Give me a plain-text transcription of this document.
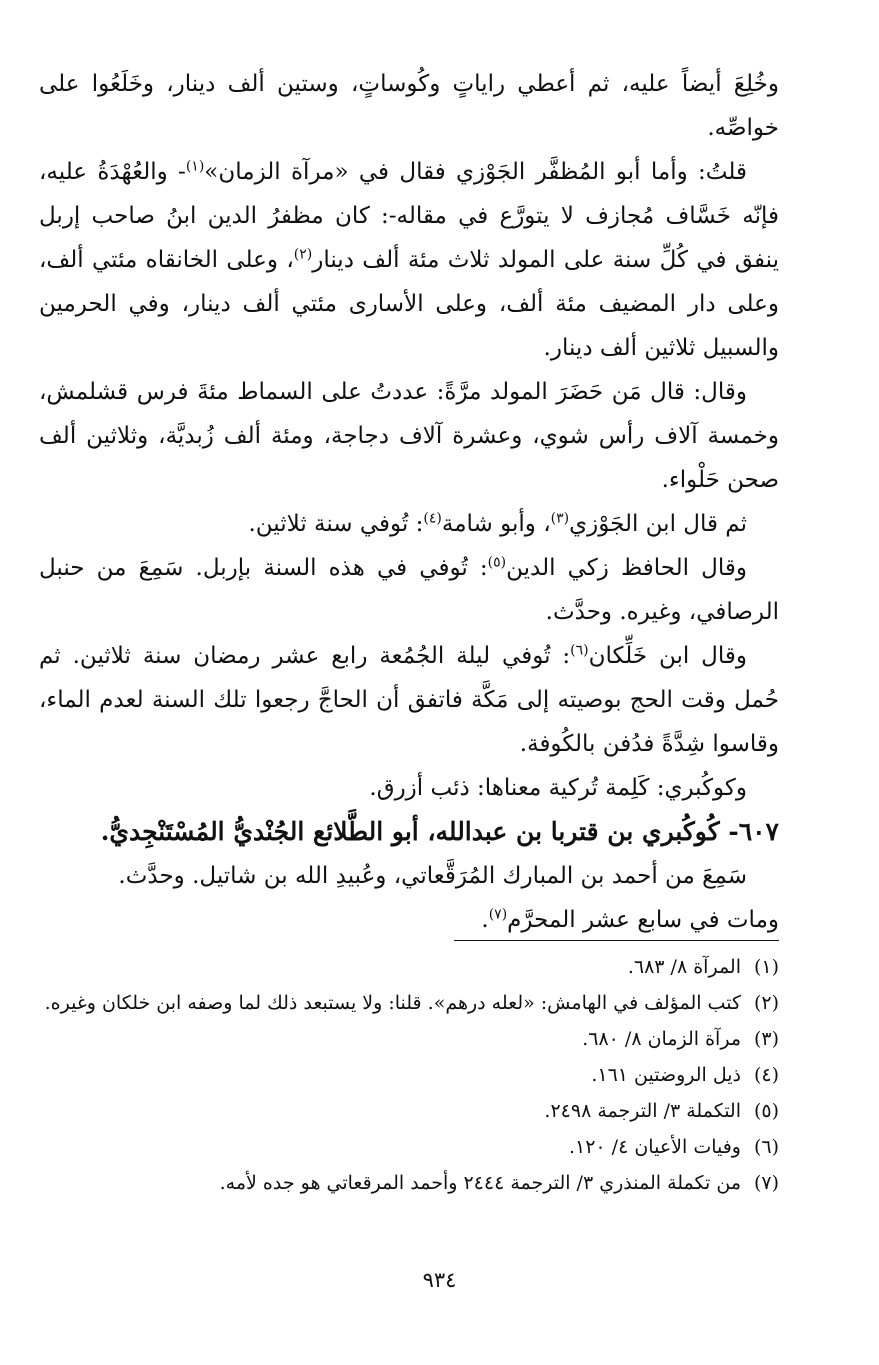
وخُلِعَ أيضاً عليه، ثم أعطي راياتٍ وكُوساتٍ، وستين ألف دينار، وخَلَعُوا على خواصِّه.

قلتُ: وأما أبو المُظفَّر الجَوْزي فقال في «مرآة الزمان»$^{(١)}$- والعُهْدَةُ عليه، فإنّه خَسَّاف مُجازف لا يتورَّع في مقاله-: كان مظفرُ الدين ابنُ صاحب إربل ينفق في كُلِّ سنة على المولد ثلاث مئة ألف دينار$^{(٢)}$، وعلى الخانقاه مئتي ألف، وعلى دار المضيف مئة ألف، وعلى الأسارى مئتي ألف دينار، وفي الحرمين والسبيل ثلاثين ألف دينار.

وقال: قال مَن حَضَرَ المولد مرَّةً: عددتُ على السماط مئةَ فرس قشلمش، وخمسة آلاف رأس شوي، وعشرة آلاف دجاجة، ومئة ألف زُبديَّة، وثلاثين ألف صحن حَلْواء.

ثم قال ابن الجَوْزي$^{(٣)}$، وأبو شامة$^{(٤)}$: تُوفي سنة ثلاثين.

وقال الحافظ زكي الدين$^{(٥)}$: تُوفي في هذه السنة بإربل. سَمِعَ من حنبل الرصافي، وغيره. وحدَّث.

وقال ابن خَلِّكان$^{(٦)}$: تُوفي ليلة الجُمُعة رابع عشر رمضان سنة ثلاثين. ثم حُمل وقت الحج بوصيته إلى مَكَّة فاتفق أن الحاجَّ رجعوا تلك السنة لعدم الماء، وقاسوا شِدَّةً فدُفن بالكُوفة.

وكوكُبري: كَلِمة تُركية معناها: ذئب أزرق.

٦٠٧- كُوكُبري بن قتربا بن عبدالله، أبو الطَّلائع الجُنْديُّ المُسْتَنْجِديُّ.

سَمِعَ من أحمد بن المبارك المُرَقَّعاتي، وعُبيدِ الله بن شاتيل. وحدَّث.

ومات في سابع عشر المحرَّم$^{(٧)}$.

(١)
المرآة ٨/ ٦٨٣.
(٢)
كتب المؤلف في الهامش: «لعله درهم». قلنا: ولا يستبعد ذلك لما وصفه ابن خلكان وغيره.
(٣)
مرآة الزمان ٨/ ٦٨٠.
(٤)
ذيل الروضتين ١٦١.
(٥)
التكملة ٣/ الترجمة ٢٤٩٨.
(٦)
وفيات الأعيان ٤/ ١٢٠.
(٧)
من تكملة المنذري ٣/ الترجمة ٢٤٤٤ وأحمد المرقعاتي هو جده لأمه.
٩٣٤
